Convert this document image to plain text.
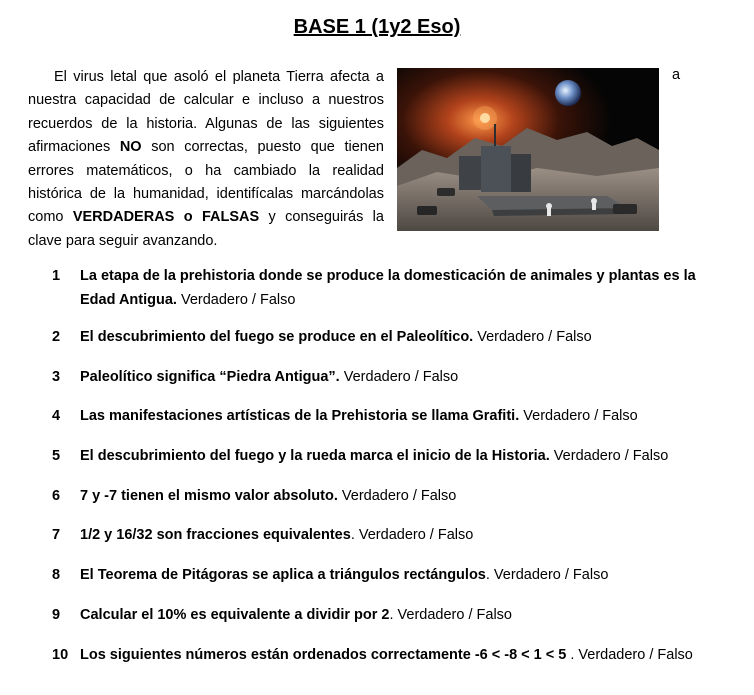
BASE 1 (1y2 Eso)
El virus letal que asoló el planeta Tierra afecta a nuestra capacidad de calcular e incluso a nuestros recuerdos de la historia. Algunas de las siguientes afirmaciones NO son correctas, puesto que tienen errores matemáticos, o ha cambiado la realidad histórica de la humanidad, identifícalas marcándolas como VERDADERAS o FALSAS y conseguirás la clave para seguir avanzando.
a
1	La etapa de la prehistoria donde se produce la domesticación de animales y plantas es la Edad Antigua. Verdadero / Falso
2	El descubrimiento del fuego se produce en el Paleolítico. Verdadero / Falso
3	Paleolítico significa “Piedra Antigua”. Verdadero / Falso
4	Las manifestaciones artísticas de la Prehistoria se llama Grafiti. Verdadero / Falso
5	El descubrimiento del fuego y la rueda marca el inicio de la Historia. Verdadero / Falso
6	7 y -7 tienen el mismo valor absoluto. Verdadero / Falso
7	1/2 y 16/32 son fracciones equivalentes. Verdadero / Falso
8	El Teorema de Pitágoras se aplica a triángulos rectángulos. Verdadero / Falso
9	Calcular el 10% es equivalente a dividir por 2. Verdadero / Falso
10 Los siguientes números están ordenados correctamente -6 < -8 < 1 < 5 . Verdadero / Falso
